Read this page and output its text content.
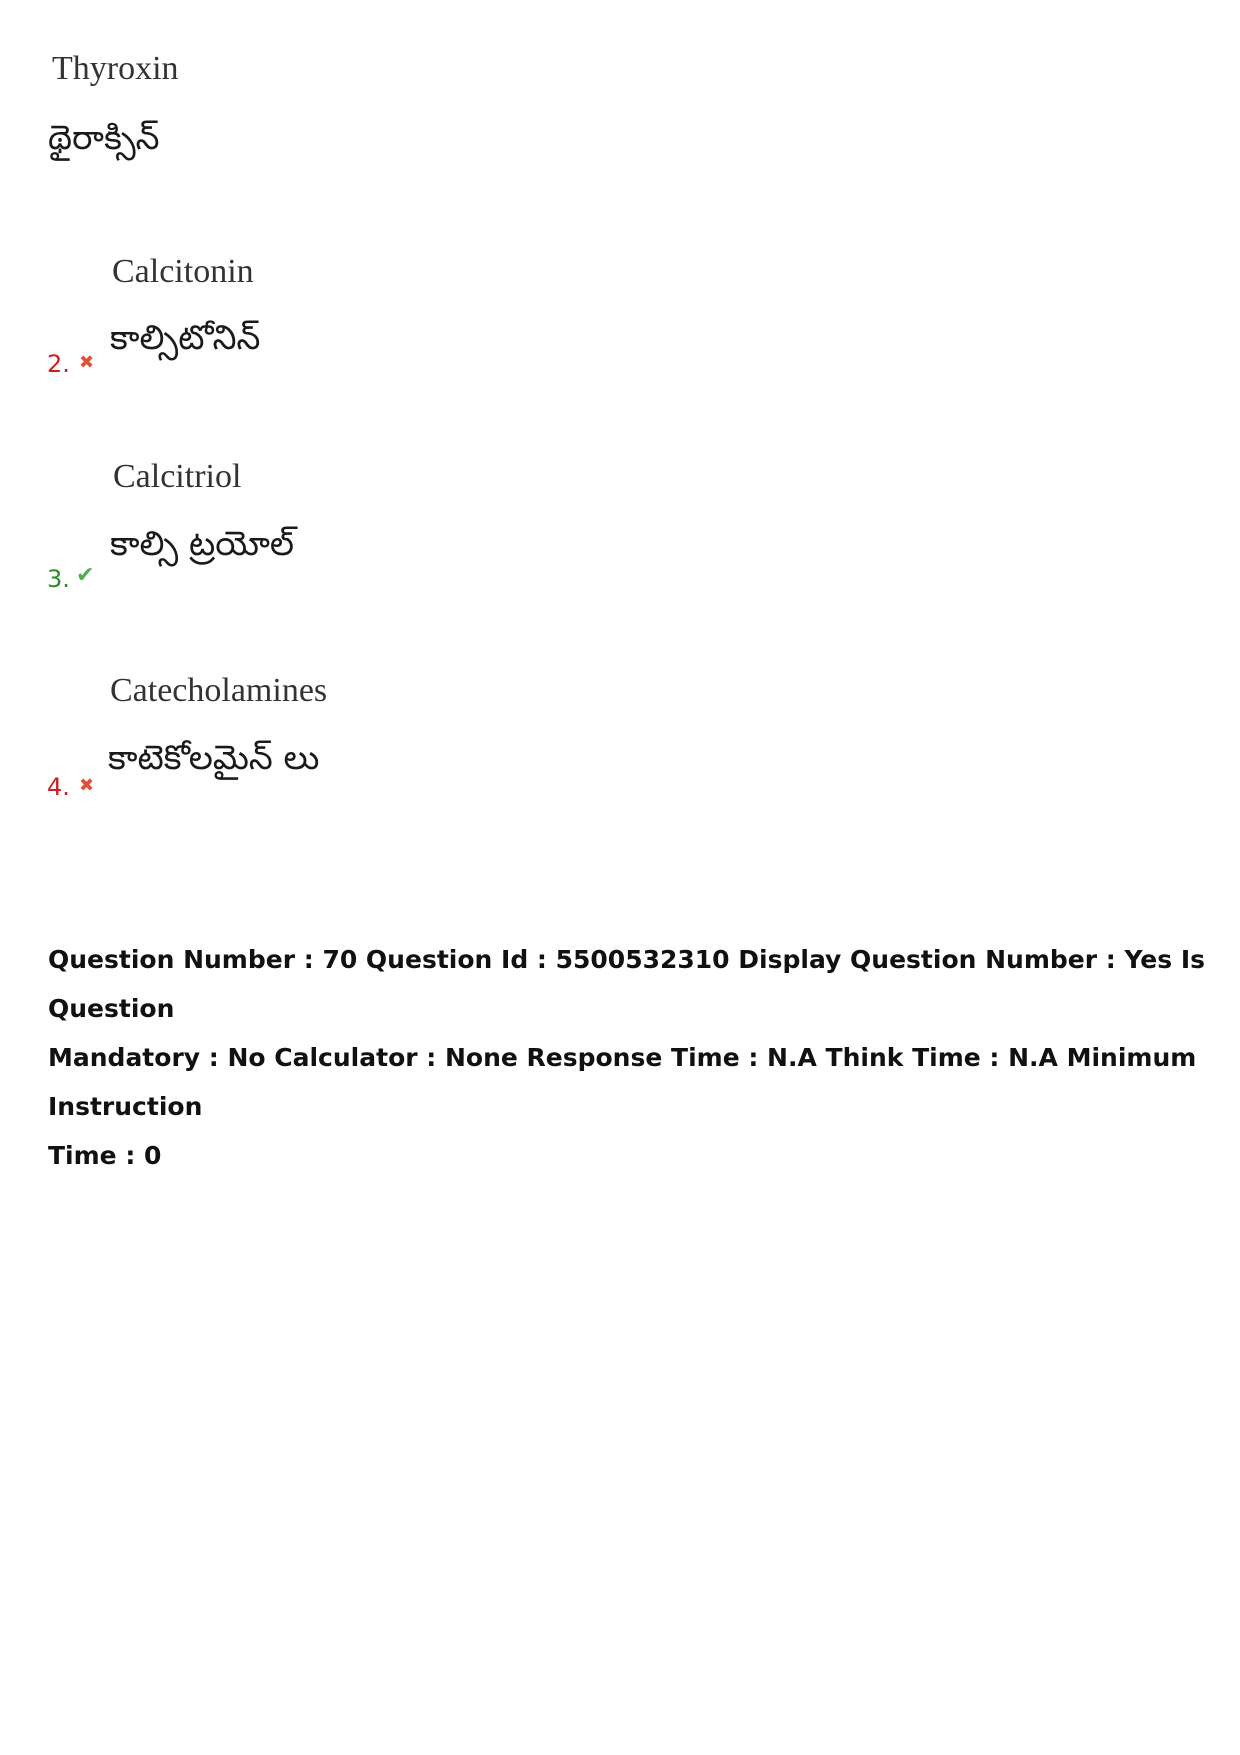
Thyroxin
థైరాక్సిన్
Calcitonin
కాల్సిటోనిన్
2. ✖
Calcitriol
కాల్సి ట్రయోల్
3. ✔
Catecholamines
కాటెకోలమైన్ లు
4. ✖
Question Number : 70 Question Id : 5500532310 Display Question Number : Yes Is Question
Mandatory : No Calculator : None Response Time : N.A Think Time : N.A Minimum Instruction
Time : 0
